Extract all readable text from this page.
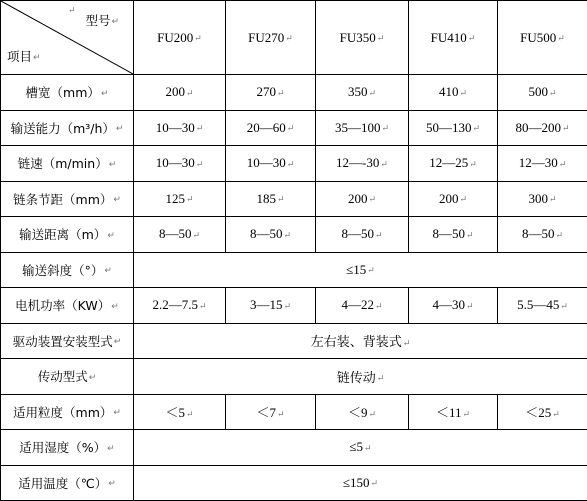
↵
型号↵
项目↵	FU200↵	FU270↵	FU350↵	FU410↵	FU500↵
槽宽（mm）↵	200↵	270↵	350↵	410↵	500↵
输送能力（m³/h）↵	10—30↵	20—60↵	35—100↵	50—130↵	80—200↵
链速（m/min）↵	10—30↵	10—30↵	12—-30↵	12—25↵	12—30↵
链条节距（mm）↵	125↵	185↵	200↵	200↵	300↵
输送距离（m）↵	8—50↵	8—50↵	8—50↵	8—50↵	8—50↵
输送斜度（°）↵	≤15↵				
电机功率（KW）↵	2.2—7.5↵	3—15↵	4—22↵	4—30↵	5.5—45↵
驱动装置安装型式↵	左右装、背装式↵				
传动型式↵	链传动↵				
适用粒度（mm）↵	＜5↵	＜7↵	＜9↵	＜11↵	＜25↵
适用湿度（%）↵	≤5↵				
适用温度（℃）↵	≤150↵				
